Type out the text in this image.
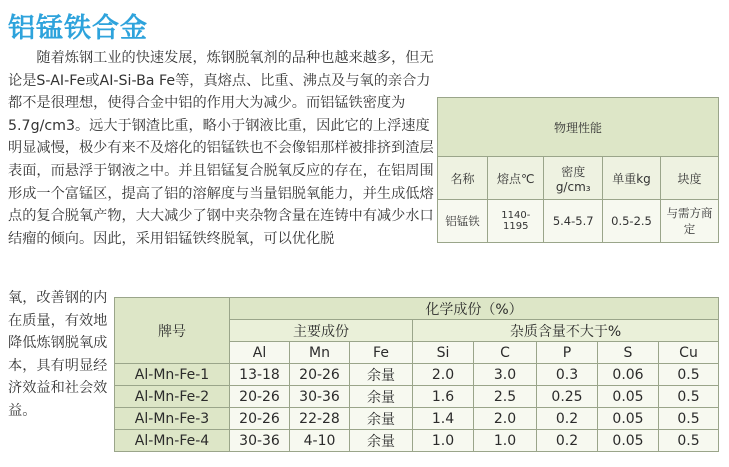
铝锰铁合金
　　随着炼钢工业的快速发展，炼钢脱氧剂的品种也越来越多，但无论是S-AI-Fe或AI-Si-Ba Fe等，真熔点、比重、沸点及与氧的亲合力都不是很理想，使得合金中铝的作用大为减少。而铝锰铁密度为5.7g/cm3。远大于钢渣比重，略小于钢液比重，因此它的上浮速度明显减慢，极少有来不及熔化的铝锰铁也不会像铝那样被排挤到渣层表面，而悬浮于钢液之中。并且铝锰复合脱氧反应的存在，在铝周围形成一个富锰区，提高了铝的溶解度与当量铝脱氧能力，并生成低熔点的复合脱氧产物，大大减少了钢中夹杂物含量在连铸中有减少水口结瘤的倾向。因此，采用铝锰铁终脱氧，可以优化脱
氧，改善钢的内在质量，有效地降低炼钢脱氧成本，具有明显经济效益和社会效益。
物理性能				
名称	熔点℃	密度 g/cm₃	单重kg	块度
铝锰铁	1140-1195	5.4-5.7	0.5-2.5	与需方商定
牌号	化学成份（%）							
	主要成份			杂质含量不大于%				
	Al	Mn	Fe	Si	C	P	S	Cu
Al-Mn-Fe-1	13-18	20-26	余量	2.0	3.0	0.3	0.06	0.5
Al-Mn-Fe-2	20-26	30-36	余量	1.6	2.5	0.25	0.05	0.5
Al-Mn-Fe-3	20-26	22-28	余量	1.4	2.0	0.2	0.05	0.5
Al-Mn-Fe-4	30-36	4-10	余量	1.0	1.0	0.2	0.05	0.5
